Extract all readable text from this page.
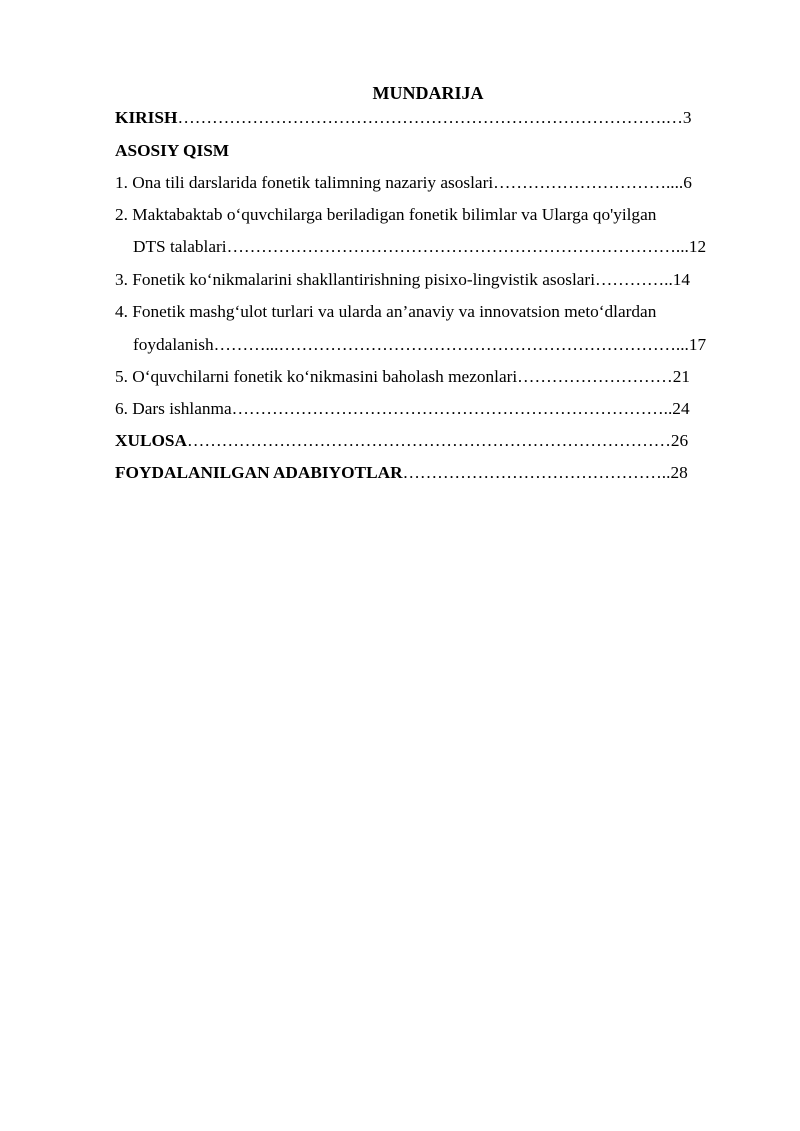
MUNDARIJA
KIRISH………………………………………………………………………….…3
ASOSIY QISM
1. Ona tili darslarida fonetik talimning nazariy asoslari…………………………....6
2. Maktabaktab o‘quvchilarga beriladigan fonetik bilimlar va Ularga qo'yilgan
DTS talablari……………………………………………………………………...12
3. Fonetik ko‘nikmalarini shakllantirishning pisixo-lingvistik asoslari…………..14
4. Fonetik mashg‘ulot turlari va ularda an’anaviy va innovatsion meto‘dlardan
foydalanish………...……………………………………………………………...17
5. O‘quvchilarni fonetik ko‘nikmasini baholash mezonlari………………………21
6. Dars ishlanma…………………………………………………………………..24
XULOSA…………………………………………………………………………26
FOYDALANILGAN ADABIYOTLAR………………………………………..28
